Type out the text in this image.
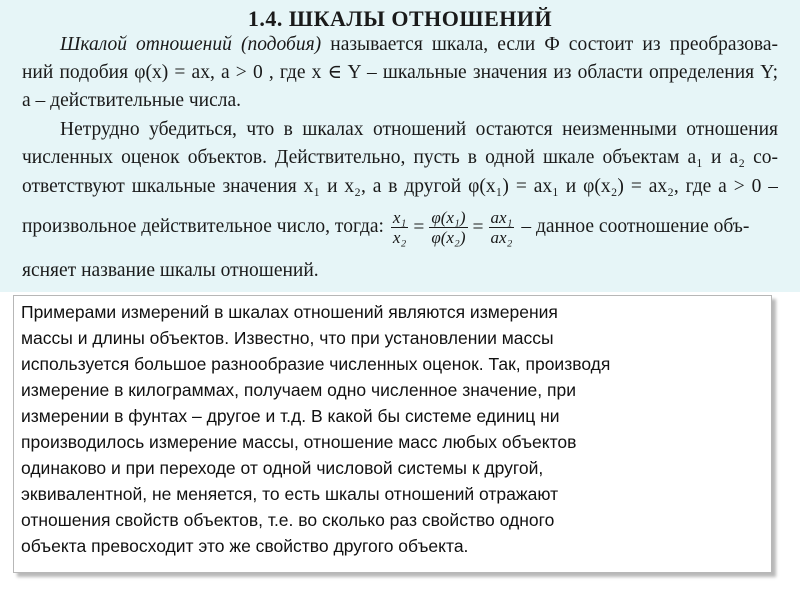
1.4. ШКАЛЫ ОТНОШЕНИЙ
Шкалой отношений (подобия) называется шкала, если Ф состоит из преобразова-
ний подобия φ(x) = ax, a > 0 , где x ∈ Y – шкальные значения из области определения Y;
a – действительные числа.
Нетрудно убедиться, что в шкалах отношений остаются неизменными отношения
численных оценок объектов. Действительно, пусть в одной шкале объектам a₁ и a₂ со-
ответствуют шкальные значения x₁ и x₂, а в другой φ(x₁) = ax₁ и φ(x₂) = ax₂, где a > 0 –
произвольное действительное число, тогда: $\frac{\text{x₁}}{\text{x₂}} = \frac{\text{φ(x₁)}}{\text{φ(x₂)}} = \frac{\text{ax₁}}{\text{ax₂}}$ – данное соотношение объ-
ясняет название шкалы отношений.
Примерами измерений в шкалах отношений являются измерения
массы и длины объектов. Известно, что при установлении массы
используется большое разнообразие численных оценок. Так, производя
измерение в килограммах, получаем одно численное значение, при
измерении в фунтах – другое и т.д. В какой бы системе единиц ни
производилось измерение массы, отношение масс любых объектов
одинаково и при переходе от одной числовой системы к другой,
эквивалентной, не меняется, то есть шкалы отношений отражают
отношения свойств объектов, т.е. во сколько раз свойство одного
объекта превосходит это же свойство другого объекта.
